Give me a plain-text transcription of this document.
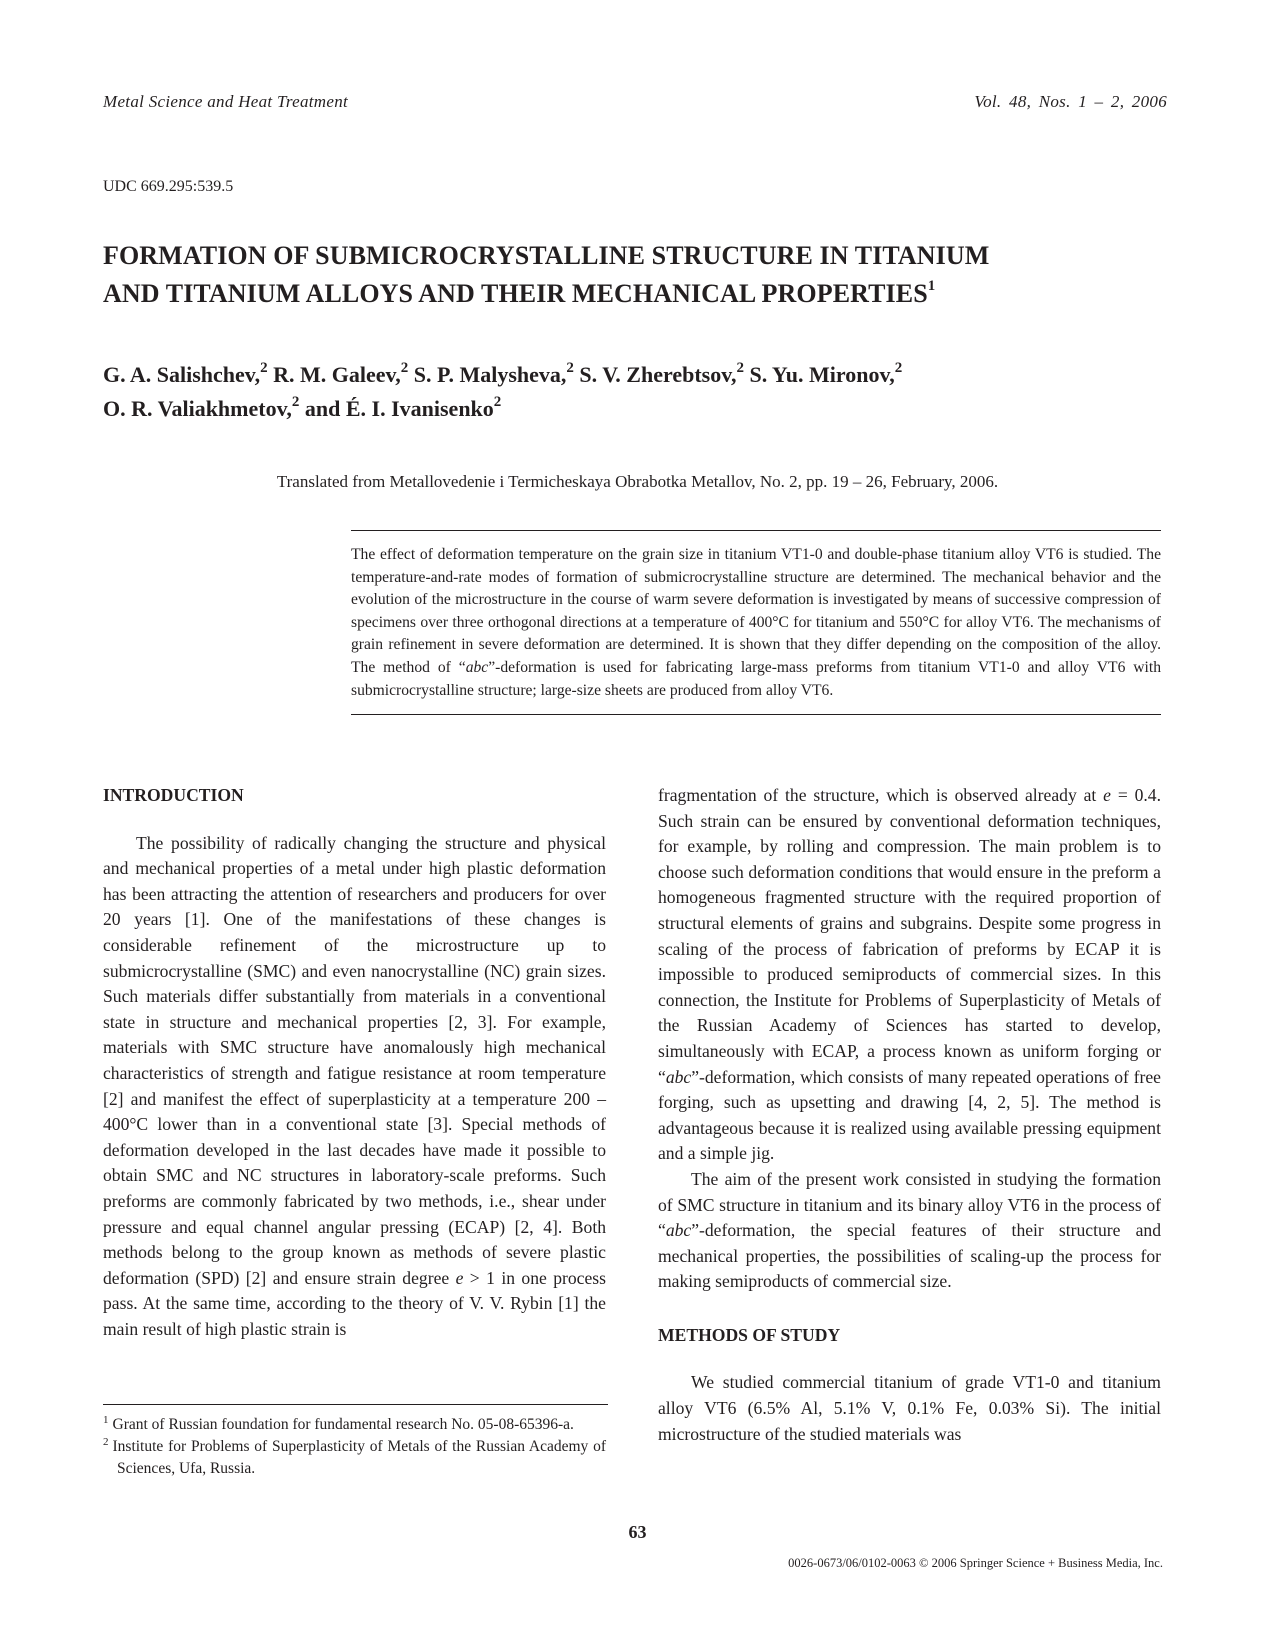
Metal Science and Heat Treatment	Vol. 48, Nos. 1 – 2, 2006
UDC 669.295:539.5
FORMATION OF SUBMICROCRYSTALLINE STRUCTURE IN TITANIUM
AND TITANIUM ALLOYS AND THEIR MECHANICAL PROPERTIES$^1$
G. A. Salishchev,$^2$ R. M. Galeev,$^2$ S. P. Malysheva,$^2$ S. V. Zherebtsov,$^2$ S. Yu. Mironov,$^2$
O. R. Valiakhmetov,$^2$ and É. I. Ivanisenko$^2$
Translated from Metallovedenie i Termicheskaya Obrabotka Metallov, No. 2, pp. 19 – 26, February, 2006.
The effect of deformation temperature on the grain size in titanium VT1-0 and double-phase titanium alloy VT6 is studied. The temperature-and-rate modes of formation of submicrocrystalline structure are determined. The mechanical behavior and the evolution of the microstructure in the course of warm severe deformation is investigated by means of successive compression of specimens over three orthogonal directions at a temperature of 400°C for titanium and 550°C for alloy VT6. The mechanisms of grain refinement in severe deformation are determined. It is shown that they differ depending on the composition of the alloy. The method of “abc”-deformation is used for fabricating large-mass preforms from titanium VT1-0 and alloy VT6 with submicrocrystalline structure; large-size sheets are produced from alloy VT6.
INTRODUCTION

The possibility of radically changing the structure and physical and mechanical properties of a metal under high plastic deformation has been attracting the attention of researchers and producers for over 20 years [1]. One of the manifestations of these changes is considerable refinement of the microstructure up to submicrocrystalline (SMC) and even nanocrystalline (NC) grain sizes. Such materials differ substantially from materials in a conventional state in structure and mechanical properties [2, 3]. For example, materials with SMC structure have anomalously high mechanical characteristics of strength and fatigue resistance at room temperature [2] and manifest the effect of superplasticity at a temperature 200 – 400°C lower than in a conventional state [3]. Special methods of deformation developed in the last decades have made it possible to obtain SMC and NC structures in laboratory-scale preforms. Such preforms are commonly fabricated by two methods, i.e., shear under pressure and equal channel angular pressing (ECAP) [2, 4]. Both methods belong to the group known as methods of severe plastic deformation (SPD) [2] and ensure strain degree e > 1 in one process pass. At the same time, according to the theory of V. V. Rybin [1] the main result of high plastic strain is

fragmentation of the structure, which is observed already at e = 0.4. Such strain can be ensured by conventional deformation techniques, for example, by rolling and compression. The main problem is to choose such deformation conditions that would ensure in the preform a homogeneous fragmented structure with the required proportion of structural elements of grains and subgrains. Despite some progress in scaling of the process of fabrication of preforms by ECAP it is impossible to produced semiproducts of commercial sizes. In this connection, the Institute for Problems of Superplasticity of Metals of the Russian Academy of Sciences has started to develop, simultaneously with ECAP, a process known as uniform forging or “abc”-deformation, which consists of many repeated operations of free forging, such as upsetting and drawing [4, 2, 5]. The method is advantageous because it is realized using available pressing equipment and a simple jig.

The aim of the present work consisted in studying the formation of SMC structure in titanium and its binary alloy VT6 in the process of “abc”-deformation, the special features of their structure and mechanical properties, the possibilities of scaling-up the process for making semiproducts of commercial size.

METHODS OF STUDY

We studied commercial titanium of grade VT1-0 and titanium alloy VT6 (6.5% Al, 5.1% V, 0.1% Fe, 0.03% Si). The initial microstructure of the studied materials was

$^1$ Grant of Russian foundation for fundamental research No. 05-08-65396-a.

$^2$ Institute for Problems of Superplasticity of Metals of the Russian Academy of Sciences, Ufa, Russia.

63
0026-0673/06/0102-0063 © 2006 Springer Science + Business Media, Inc.
